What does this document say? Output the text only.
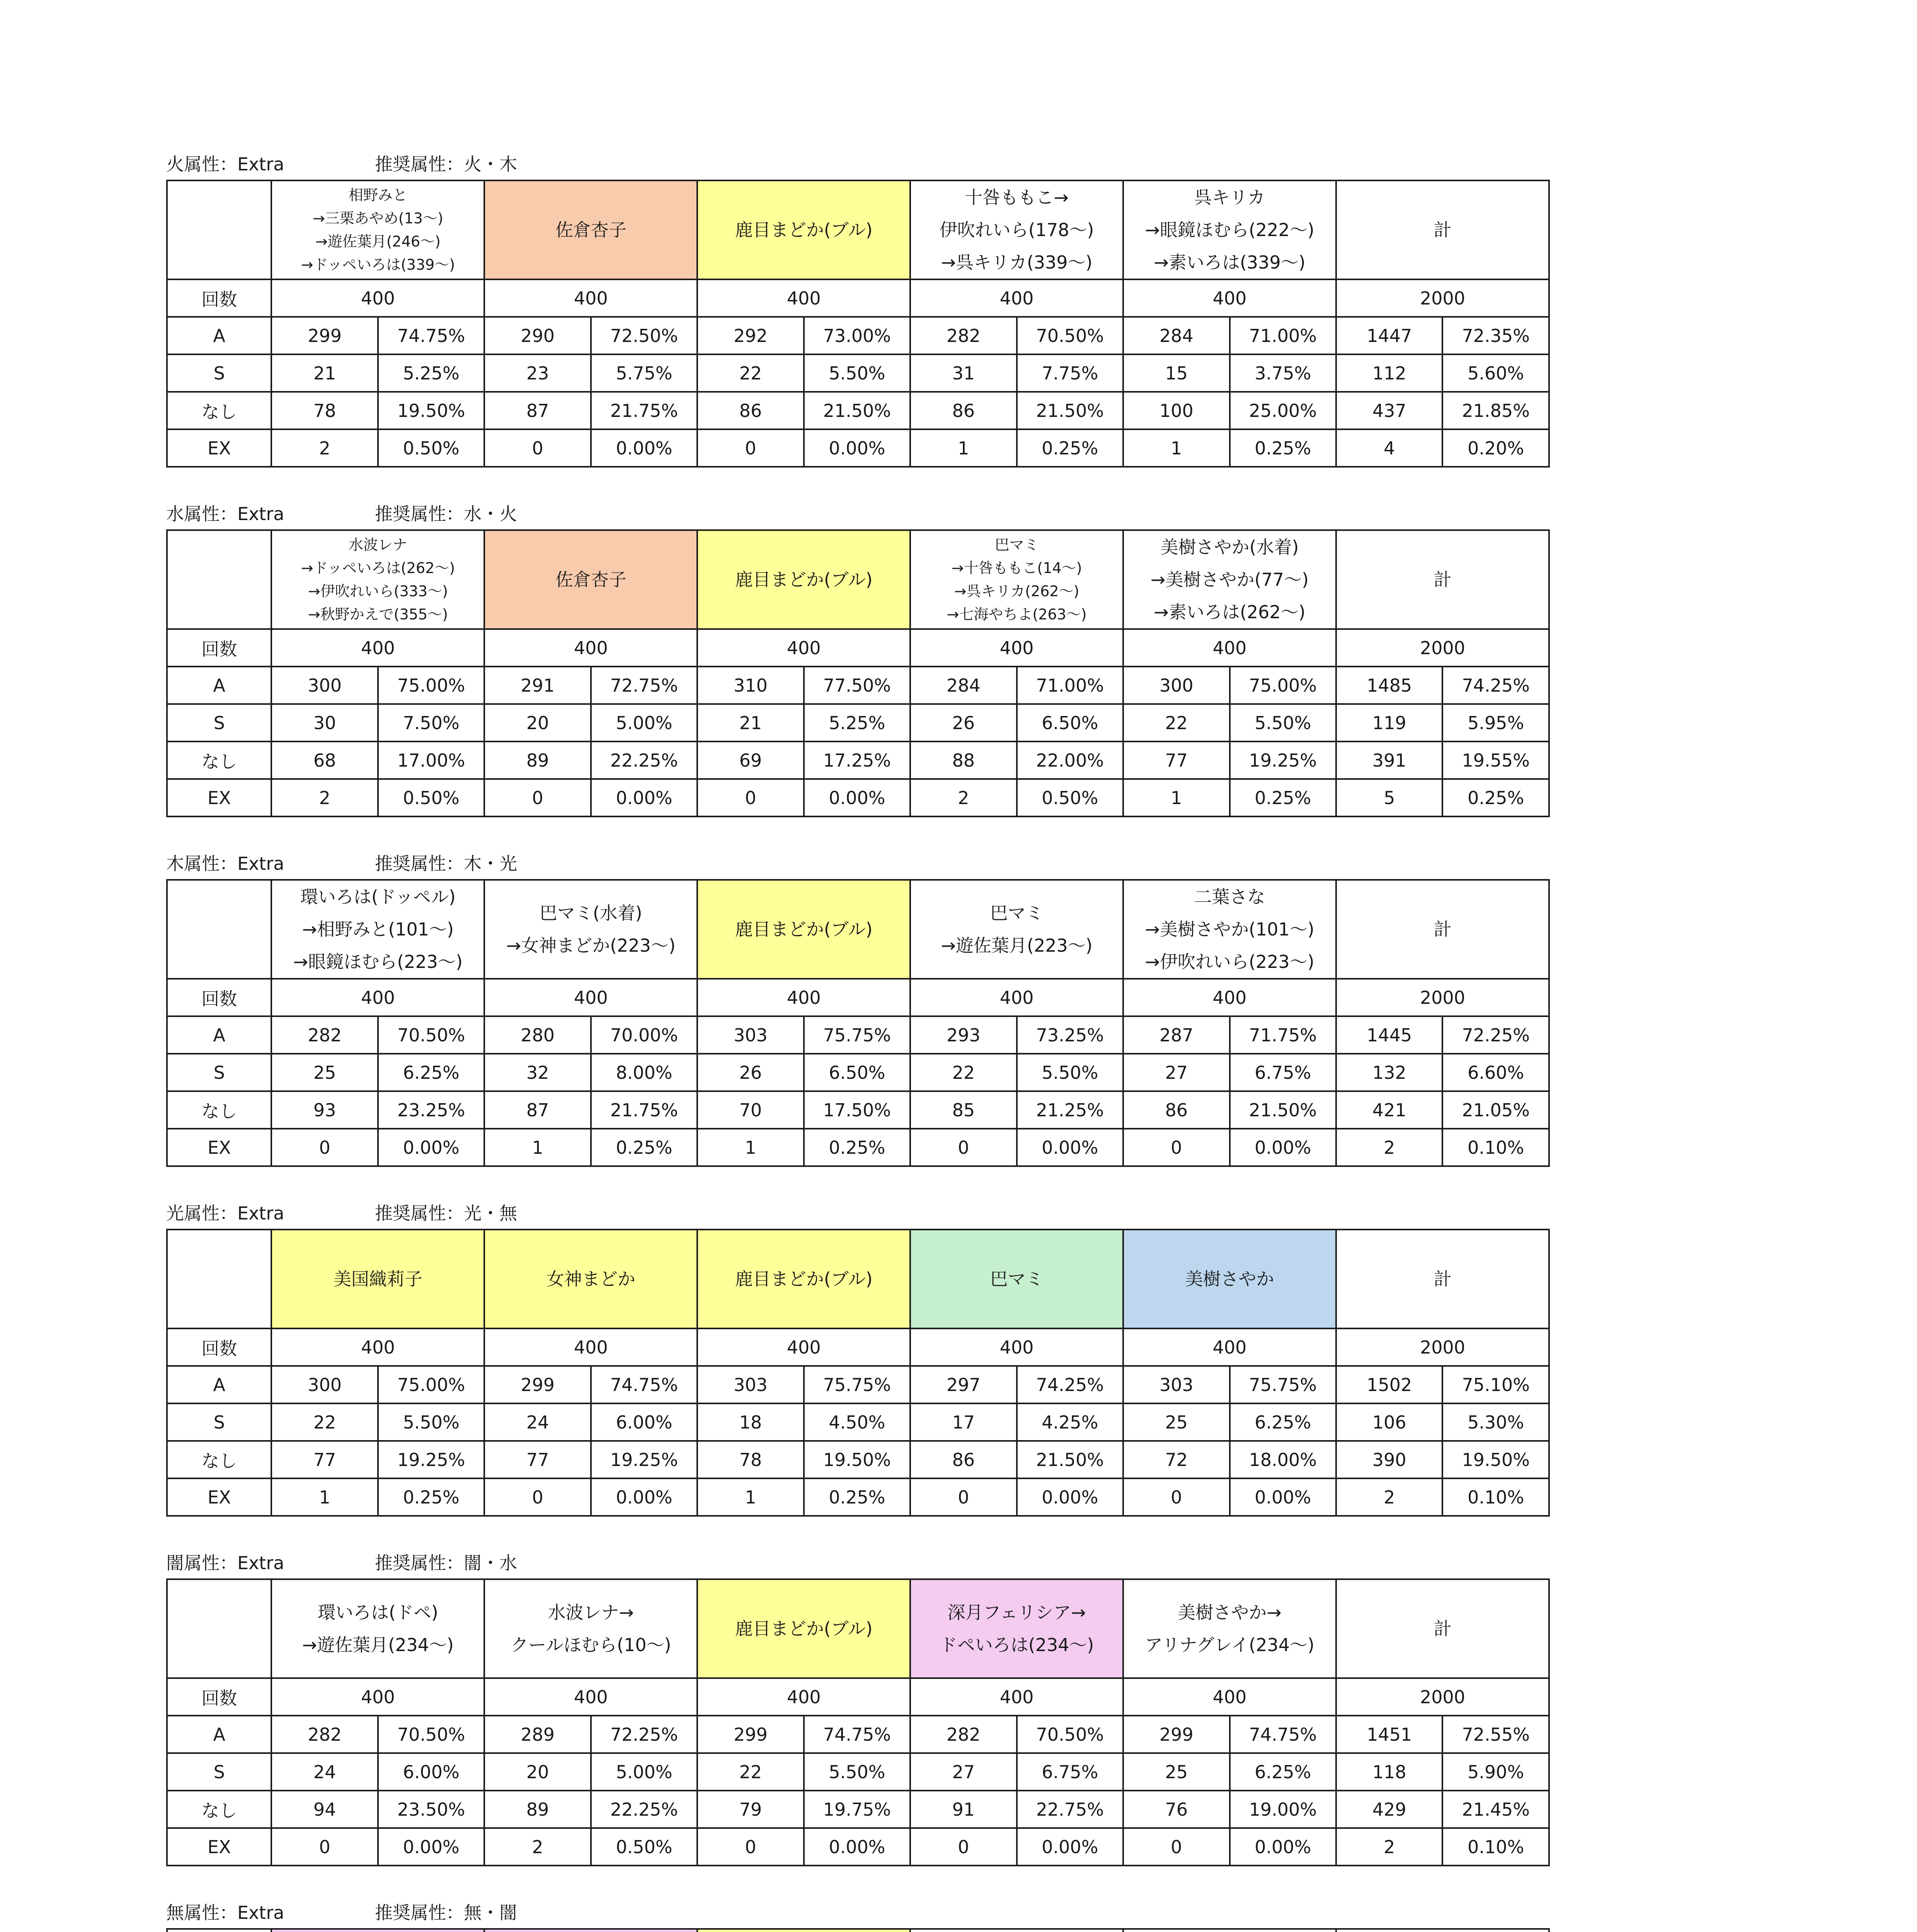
火属性：Extra	推奨属性：火・木

	相野みと
→三栗あやめ(13〜)
→遊佐葉月(246〜)
→ドッペいろは(339〜)		佐倉杏子		鹿目まどか(ブル)		十咎ももこ→
伊吹れいら(178〜)
→呉キリカ(339〜)		呉キリカ
→眼鏡ほむら(222〜)
→素いろは(339〜)		計	

回数	400		400		400		400		400		2000	
A	299	74.75%	290	72.50%	292	73.00%	282	70.50%	284	71.00%	1447	72.35%
S	21	5.25%	23	5.75%	22	5.50%	31	7.75%	15	3.75%	112	5.60%
なし	78	19.50%	87	21.75%	86	21.50%	86	21.50%	100	25.00%	437	21.85%
EX	2	0.50%	0	0.00%	0	0.00%	1	0.25%	1	0.25%	4	0.20%
水属性：Extra	推奨属性：水・火

	水波レナ
→ドッペいろは(262〜)
→伊吹れいら(333〜)
→秋野かえで(355〜)		佐倉杏子		鹿目まどか(ブル)		巴マミ
→十咎ももこ(14〜)
→呉キリカ(262〜)
→七海やちよ(263〜)		美樹さやか(水着)
→美樹さやか(77〜)
→素いろは(262〜)		計	

回数	400		400		400		400		400		2000	
A	300	75.00%	291	72.75%	310	77.50%	284	71.00%	300	75.00%	1485	74.25%
S	30	7.50%	20	5.00%	21	5.25%	26	6.50%	22	5.50%	119	5.95%
なし	68	17.00%	89	22.25%	69	17.25%	88	22.00%	77	19.25%	391	19.55%
EX	2	0.50%	0	0.00%	0	0.00%	2	0.50%	1	0.25%	5	0.25%
木属性：Extra	推奨属性：木・光

	環いろは(ドッペル)
→相野みと(101〜)
→眼鏡ほむら(223〜)		巴マミ(水着)
→女神まどか(223〜)		鹿目まどか(ブル)		巴マミ
→遊佐葉月(223〜)		二葉さな
→美樹さやか(101〜)
→伊吹れいら(223〜)		計	

回数	400		400		400		400		400		2000	
A	282	70.50%	280	70.00%	303	75.75%	293	73.25%	287	71.75%	1445	72.25%
S	25	6.25%	32	8.00%	26	6.50%	22	5.50%	27	6.75%	132	6.60%
なし	93	23.25%	87	21.75%	70	17.50%	85	21.25%	86	21.50%	421	21.05%
EX	0	0.00%	1	0.25%	1	0.25%	0	0.00%	0	0.00%	2	0.10%
光属性：Extra	推奨属性：光・無

	美国織莉子		女神まどか		鹿目まどか(ブル)		巴マミ		美樹さやか		計	

回数	400		400		400		400		400		2000	
A	300	75.00%	299	74.75%	303	75.75%	297	74.25%	303	75.75%	1502	75.10%
S	22	5.50%	24	6.00%	18	4.50%	17	4.25%	25	6.25%	106	5.30%
なし	77	19.25%	77	19.25%	78	19.50%	86	21.50%	72	18.00%	390	19.50%
EX	1	0.25%	0	0.00%	1	0.25%	0	0.00%	0	0.00%	2	0.10%
闇属性：Extra	推奨属性：闇・水

	環いろは(ドペ)
→遊佐葉月(234〜)		水波レナ→
クールほむら(10〜)		鹿目まどか(ブル)		深月フェリシア→
ドペいろは(234〜)		美樹さやか→
アリナグレイ(234〜)		計	

回数	400		400		400		400		400		2000	
A	282	70.50%	289	72.25%	299	74.75%	282	70.50%	299	74.75%	1451	72.55%
S	24	6.00%	20	5.00%	22	5.50%	27	6.75%	25	6.25%	118	5.90%
なし	94	23.50%	89	22.25%	79	19.75%	91	22.75%	76	19.00%	429	21.45%
EX	0	0.00%	2	0.50%	0	0.00%	0	0.00%	0	0.00%	2	0.10%
無属性：Extra	推奨属性：無・闇
